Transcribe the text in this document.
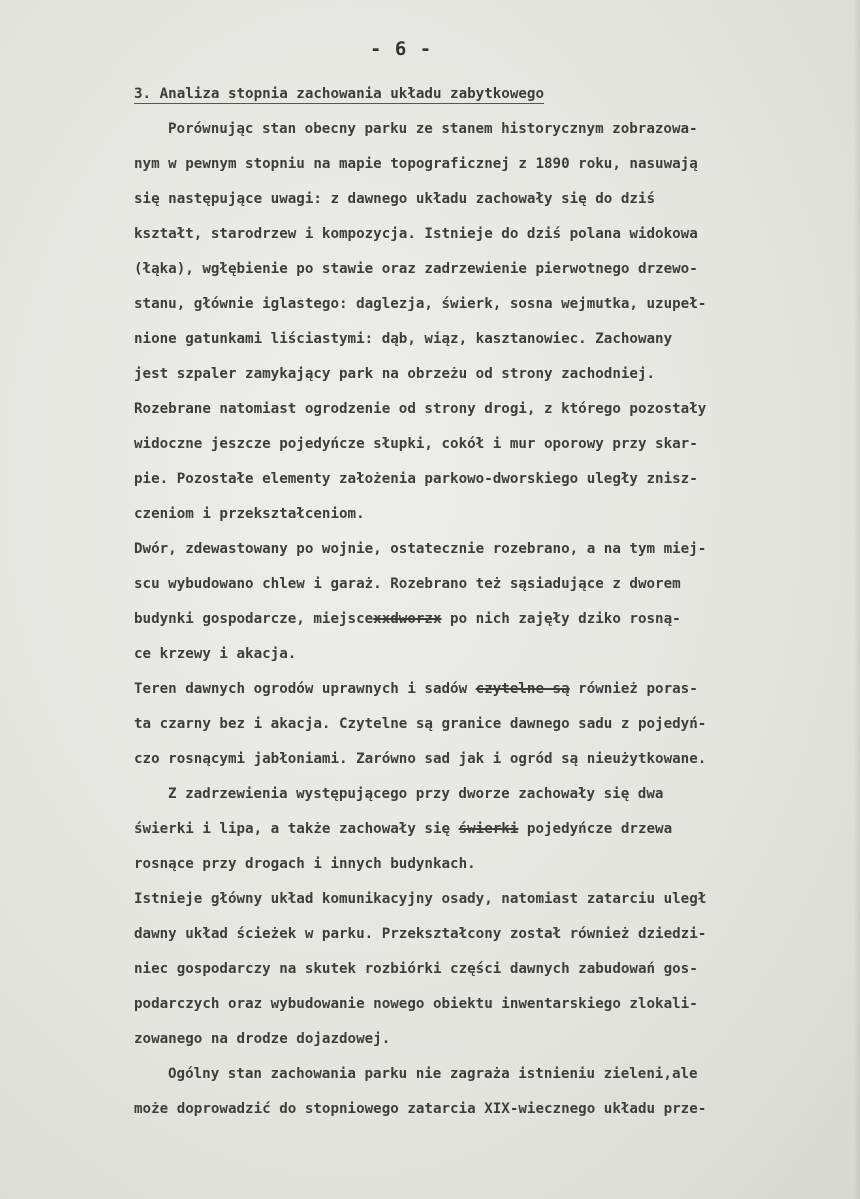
- 6 -
3. Analiza stopnia zachowania układu zabytkowego
Porównując stan obecny parku ze stanem historycznym zobrazowa-
nym w pewnym stopniu na mapie topograficznej z 1890 roku, nasuwają
się następujące uwagi: z dawnego układu zachowały się do dziś
kształt, starodrzew i kompozycja. Istnieje do dziś polana widokowa
(łąka), wgłębienie po stawie oraz zadrzewienie pierwotnego drzewo-
stanu, głównie iglastego: daglezja, świerk, sosna wejmutka, uzupeł-
nione gatunkami liściastymi: dąb, wiąz, kasztanowiec. Zachowany
jest szpaler zamykający park na obrzeżu od strony zachodniej.
Rozebrane natomiast ogrodzenie od strony drogi, z którego pozostały
widoczne jeszcze pojedyńcze słupki, cokół i mur oporowy przy skar-
pie. Pozostałe elementy założenia parkowo-dworskiego uległy znisz-
czeniom i przekształceniom.
Dwór, zdewastowany po wojnie, ostatecznie rozebrano, a na tym miej-
scu wybudowano chlew i garaż. Rozebrano też sąsiadujące z dworem
budynki gospodarcze, miejscexxdworzx po nich zajęły dziko rosną-
ce krzewy i akacja.
Teren dawnych ogrodów uprawnych i sadów czytelne są również poras-
ta czarny bez i akacja. Czytelne są granice dawnego sadu z pojedyń-
czo rosnącymi jabłoniami. Zarówno sad jak i ogród są nieużytkowane.
Z zadrzewienia występującego przy dworze zachowały się dwa
świerki i lipa, a także zachowały się świerki pojedyńcze drzewa
rosnące przy drogach i innych budynkach.
Istnieje główny układ komunikacyjny osady, natomiast zatarciu uległ
dawny układ ścieżek w parku. Przekształcony został również dziedzi-
niec gospodarczy na skutek rozbiórki części dawnych zabudowań gos-
podarczych oraz wybudowanie nowego obiektu inwentarskiego zlokali-
zowanego na drodze dojazdowej.
Ogólny stan zachowania parku nie zagraża istnieniu zieleni,ale
może doprowadzić do stopniowego zatarcia XIX-wiecznego układu prze-
